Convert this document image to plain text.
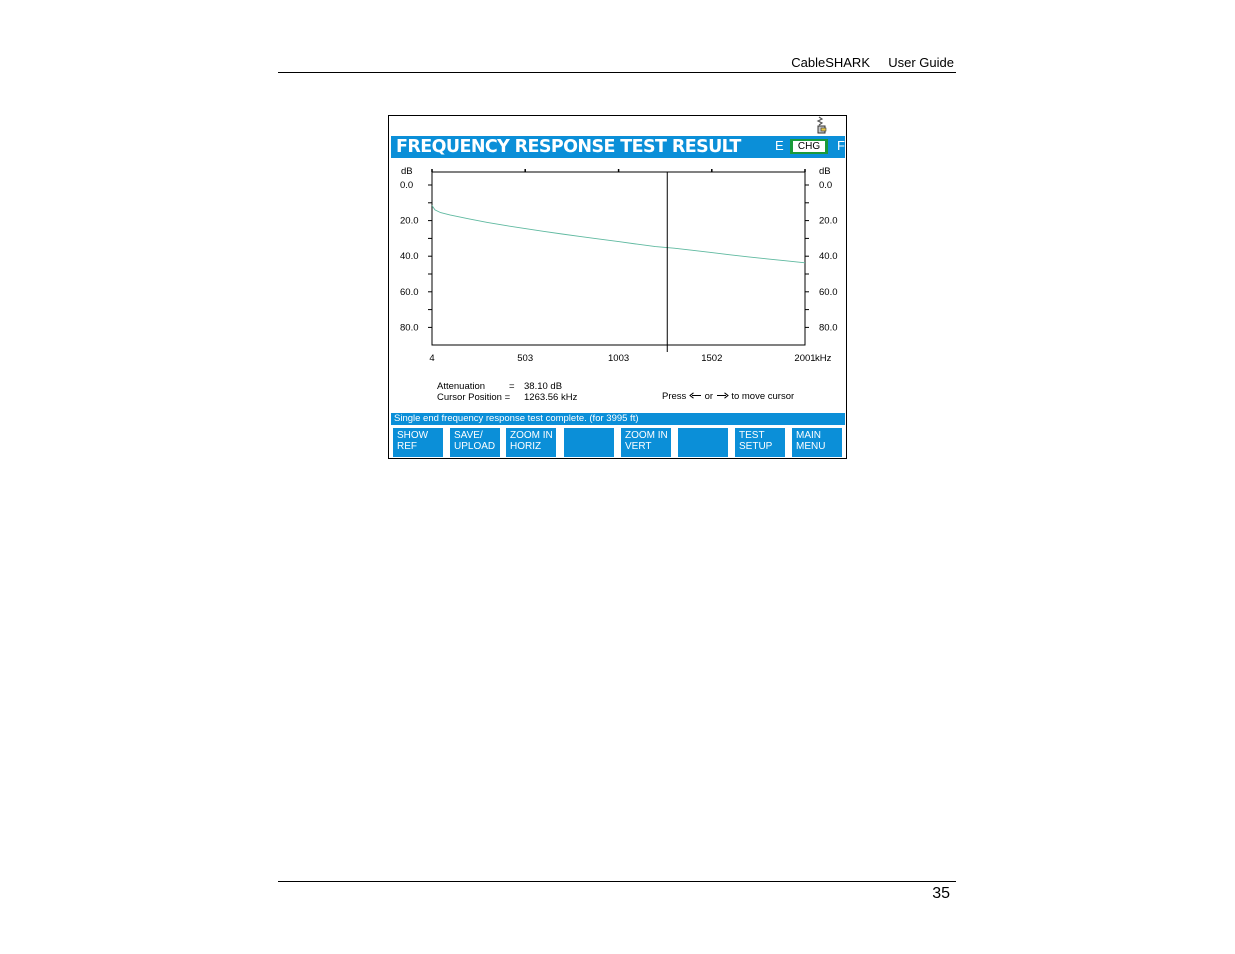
CableSHARK User Guide
FREQUENCY RESPONSE TEST RESULT	E	CHG	F
dB	dB
0.0	0.0
20.0	20.0
40.0	40.0
60.0	60.0
80.0	80.0
4	503	1003	1502	2001 kHz
Attenuation	= 38.10 dB
Cursor Position = 1263.56 kHz	Press or to move cursor
Single end frequency response test complete. (for 3995 ft)
SHOW
REF
SAVE/
UPLOAD
ZOOM IN
HORIZ
ZOOM IN
VERT
TEST
SETUP
MAIN
MENU
35
